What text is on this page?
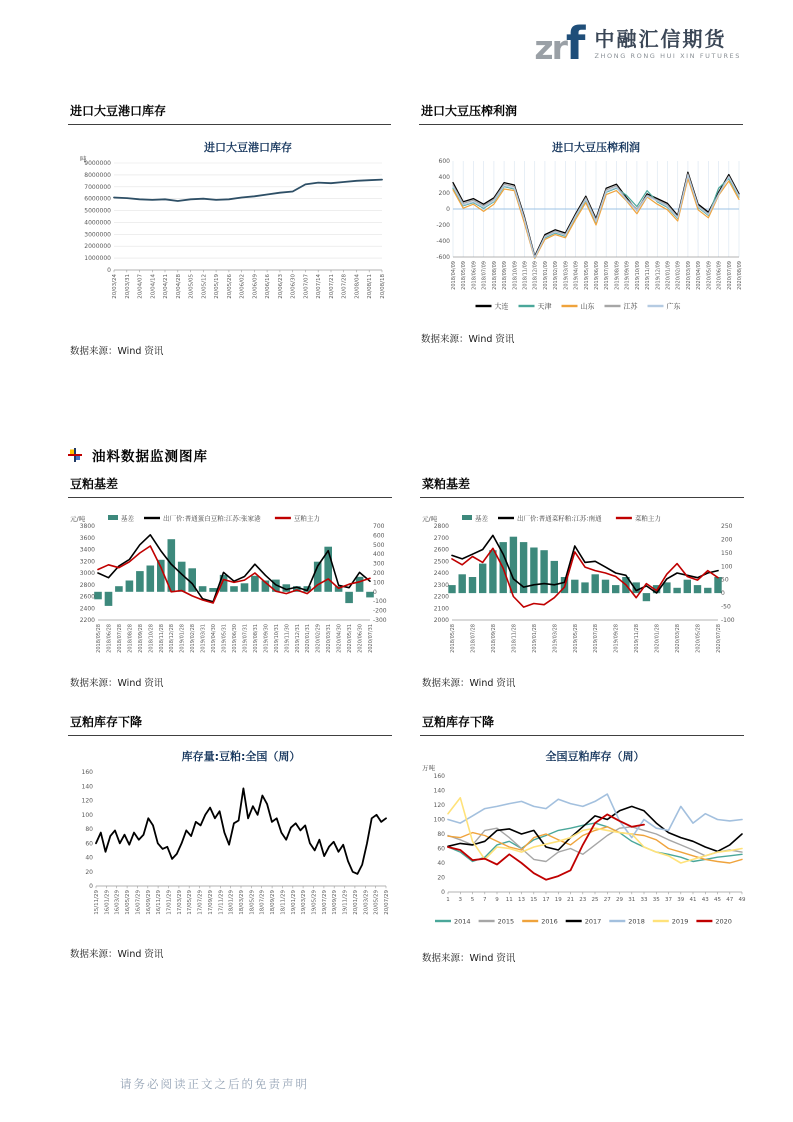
zrf 中融汇信期货
ZHONG RONG HUI XIN FUTURES
进口大豆港口库存
9000000
8000000
7000000
6000000
5000000
4000000
3000000
2000000
1000000
0
20/03/24 20/03/31 20/04/07 20/04/14 20/04/21 20/04/28 20/05/05 20/05/12 20/05/19 20/05/26 20/06/02 20/06/09 20/06/16 20/06/23 20/06/30 20/07/07 20/07/14 20/07/21 20/07/28 20/08/04 20/08/11 20/08/18
进口大豆港口库存
吨
数据来源：Wind 资讯
进口大豆压榨利润
600
400
200
0
-200
-400
-600
2018/04/09 2018/05/09 2018/06/09 2018/07/09 2018/08/09 2018/09/09 2018/10/09 2018/11/09 2018/12/09 2019/01/09 2019/02/09 2019/03/09 2019/04/09 2019/05/09 2019/06/09 2019/07/09 2019/08/09 2019/09/09 2019/10/09 2019/11/09 2019/12/09 2020/01/09 2020/02/09 2020/03/09 2020/04/09 2020/05/09 2020/06/09 2020/07/09 2020/08/09
进口大豆压榨利润
大连	天津	山东	江苏	广东
数据来源：Wind 资讯
油料数据监测图库
豆粕基差
3800
3600
3400
3200
3000
2800
2600
2400
2200
700
600
500
400
300
200
100
0
-100
-200
-300
2018/05/28 2018/06/28 2018/07/28 2018/08/28 2018/09/28 2018/10/28 2018/11/28 2018/12/28 2019/01/28 2019/02/28 2019/03/31 2019/04/30 2019/05/31 2019/06/30 2019/07/31 2019/08/31 2019/09/30 2019/10/31 2019/11/30 2019/12/31 2020/01/31 2020/02/29 2020/03/31 2020/04/30 2020/05/31 2020/06/30 2020/07/31
元/吨	基差	出厂价:普通蛋白豆粕:江苏:张家港	豆粕主力
数据来源：Wind 资讯
菜粕基差
2800
2700
2600
2500
2400
2300
2200
2100
2000
250
200
150
100
50
0
-50
-100
2018/05/28	2018/07/28	2018/09/28	2018/11/28	2019/01/28	2019/03/28	2019/05/28	2019/07/28	2019/09/28	2019/11/28	2020/01/28	2020/03/28	2020/05/28	2020/07/28
元/吨	基差	出厂价:普通菜籽粕:江苏:南通	菜粕主力
数据来源：Wind 资讯
豆粕库存下降
160
140
120
100
80
60
40
20
0
15/11/29 16/01/29 16/03/29 16/05/29 16/07/29 16/09/29 16/11/29 17/01/29 17/03/29 17/05/29 17/07/29 17/09/29 17/11/29 18/01/29 18/03/29 18/05/29 18/07/29 18/09/29 18/11/29 19/01/29 19/03/29 19/05/29 19/07/29 19/09/29 19/11/29 20/01/29 20/03/29 20/05/29 20/07/29
库存量:豆粕:全国（周）
数据来源：Wind 资讯
豆粕库存下降
160
140
120
100
80
60
40
20
0
1 3 5 7 9 11 13 15 17 19 21 23 25 27 29 31 33 35 37 39 41 43 45 47 49
全国豆粕库存（周）
万吨
2014	2015	2016	2017	2018	2019	2020
数据来源：Wind 资讯
请务必阅读正文之后的免责声明
